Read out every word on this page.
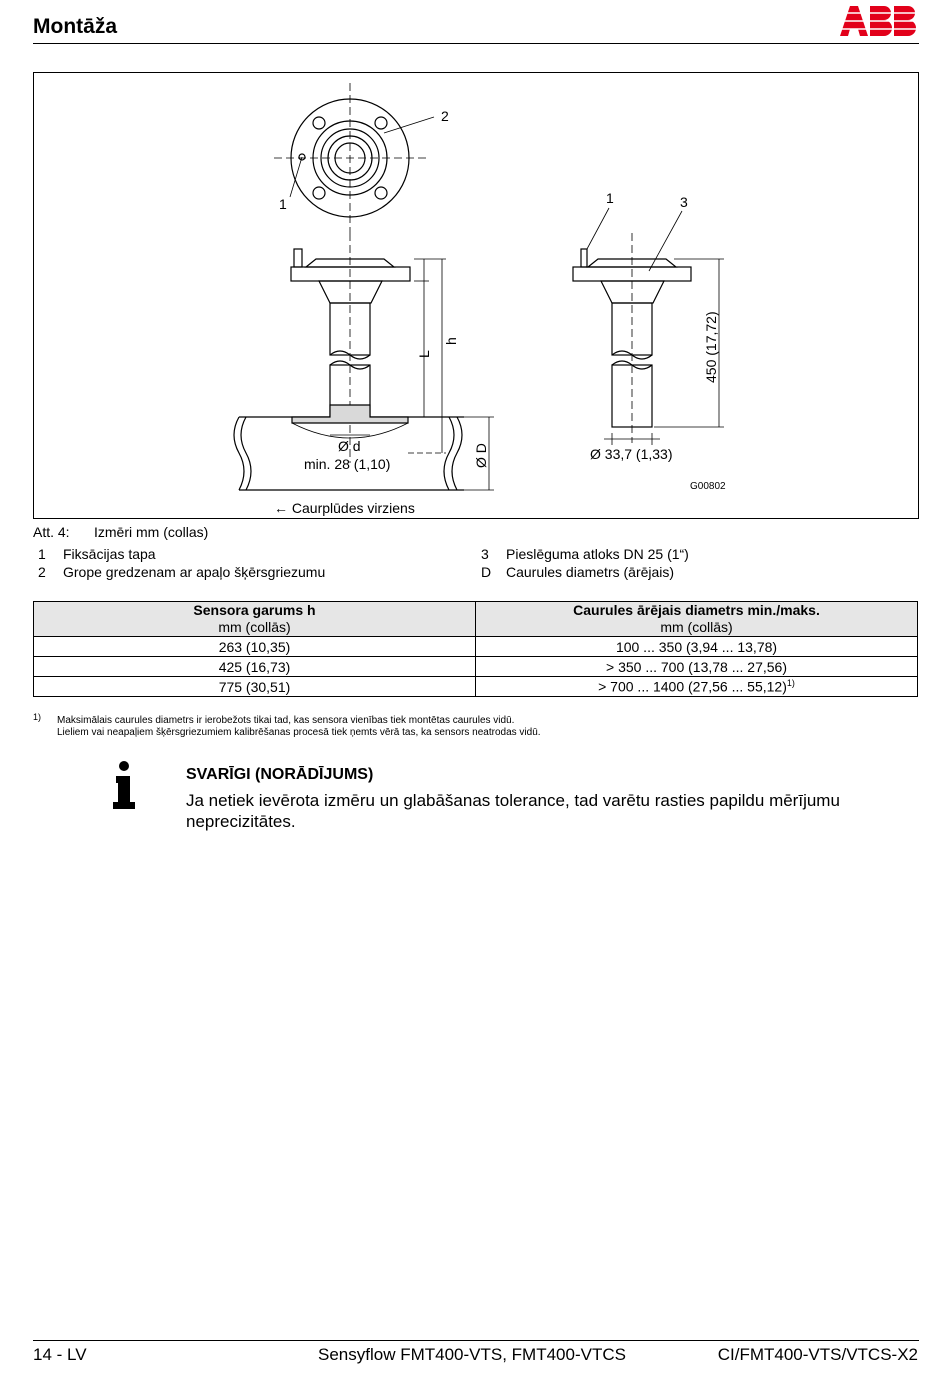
Montāža
2
1	1	3
L
h
Ø d
min. 28 (1,10)	Ø D	Ø 33,7 (1,33)
450 (17,72)
G00802
← Caurplūdes virziens
Att. 4: Izmēri mm (collas)
1 Fiksācijas tapa
2 Grope gredzenam ar apaļo šķērsgriezumu
3 Pieslēguma atloks DN 25 (1“)
D Caurules diametrs (ārējais)
Sensora garums h
mm (collās)	Caurules ārējais diametrs min./maks.
mm (collās)
263 (10,35)	100 ... 350 (3,94 ... 13,78)
425 (16,73)	> 350 ... 700 (13,78 ... 27,56)
775 (30,51)	> 700 ... 1400 (27,56 ... 55,12)$^{1)}$
1) Maksimālais caurules diametrs ir ierobežots tikai tad, kas sensora vienības tiek montētas caurules vidū.
Lieliem vai neapaļiem šķērsgriezumiem kalibrēšanas procesā tiek ņemts vērā tas, ka sensors neatrodas vidū.
SVARĪGI (NORĀDĪJUMS)
Ja netiek ievērota izmēru un glabāšanas tolerance, tad varētu rasties papildu mērījumu neprecizitātes.
14 - LV	Sensyflow FMT400-VTS, FMT400-VTCS	CI/FMT400-VTS/VTCS-X2
